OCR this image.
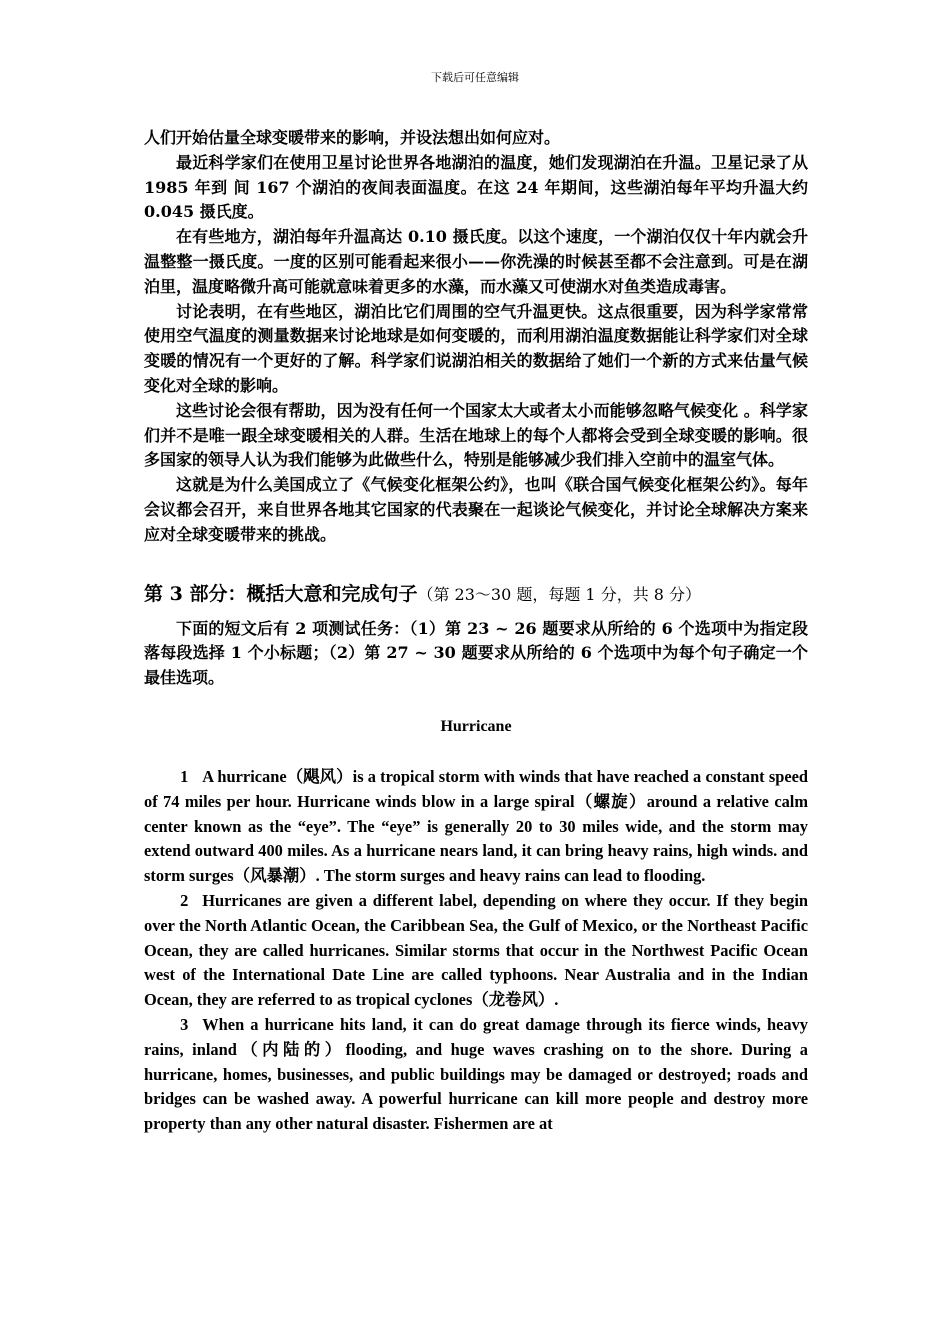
下载后可任意编辑

人们开始估量全球变暖带来的影响，并设法想出如何应对。

最近科学家们在使用卫星讨论世界各地湖泊的温度，她们发现湖泊在升温。卫星记录了从 1985 年到 间 167 个湖泊的夜间表面温度。在这 24 年期间，这些湖泊每年平均升温大约 0.045 摄氏度。

在有些地方，湖泊每年升温高达 0.10 摄氏度。以这个速度，一个湖泊仅仅十年内就会升温整整一摄氏度。一度的区别可能看起来很小——你洗澡的时候甚至都不会注意到。可是在湖泊里，温度略微升高可能就意味着更多的水藻，而水藻又可使湖水对鱼类造成毒害。

讨论表明，在有些地区，湖泊比它们周围的空气升温更快。这点很重要，因为科学家常常使用空气温度的测量数据来讨论地球是如何变暖的，而利用湖泊温度数据能让科学家们对全球变暖的情况有一个更好的了解。科学家们说湖泊相关的数据给了她们一个新的方式来估量气候变化对全球的影响。

这些讨论会很有帮助，因为没有任何一个国家太大或者太小而能够忽略气候变化 。科学家们并不是唯一跟全球变暖相关的人群。生活在地球上的每个人都将会受到全球变暖的影响。很多国家的领导人认为我们能够为此做些什么，特别是能够减少我们排入空前中的温室气体。

这就是为什么美国成立了《气候变化框架公约》，也叫《联合国气候变化框架公约》。每年会议都会召开，来自世界各地其它国家的代表聚在一起谈论气候变化，并讨论全球解决方案来应对全球变暖带来的挑战。

第 3 部分：概括大意和完成句子（第 23～30 题，每题 1 分，共 8 分）

下面的短文后有 2 项测试任务：（1）第 23 ~ 26 题要求从所给的 6 个选项中为指定段落每段选择 1 个小标题；（2）第 27 ~ 30 题要求从所给的 6 个选项中为每个句子确定一个最佳选项。

Hurricane

1 A hurricane（飓风）is a tropical storm with winds that have reached a constant speed of 74 miles per hour. Hurricane winds blow in a large spiral（螺旋）around a relative calm center known as the “eye”. The “eye” is generally 20 to 30 miles wide, and the storm may extend outward 400 miles. As a hurricane nears land, it can bring heavy rains, high winds. and storm surges（风暴潮）. The storm surges and heavy rains can lead to flooding.

2 Hurricanes are given a different label, depending on where they occur. If they begin over the North Atlantic Ocean, the Caribbean Sea, the Gulf of Mexico, or the Northeast Pacific Ocean, they are called hurricanes. Similar storms that occur in the Northwest Pacific Ocean west of the International Date Line are called typhoons. Near Australia and in the Indian Ocean, they are referred to as tropical cyclones（龙卷风）.

3 When a hurricane hits land, it can do great damage through its fierce winds, heavy rains, inland（内陆的）flooding, and huge waves crashing on to the shore. During a hurricane, homes, businesses, and public buildings may be damaged or destroyed; roads and bridges can be washed away. A powerful hurricane can kill more people and destroy more property than any other natural disaster. Fishermen are at
